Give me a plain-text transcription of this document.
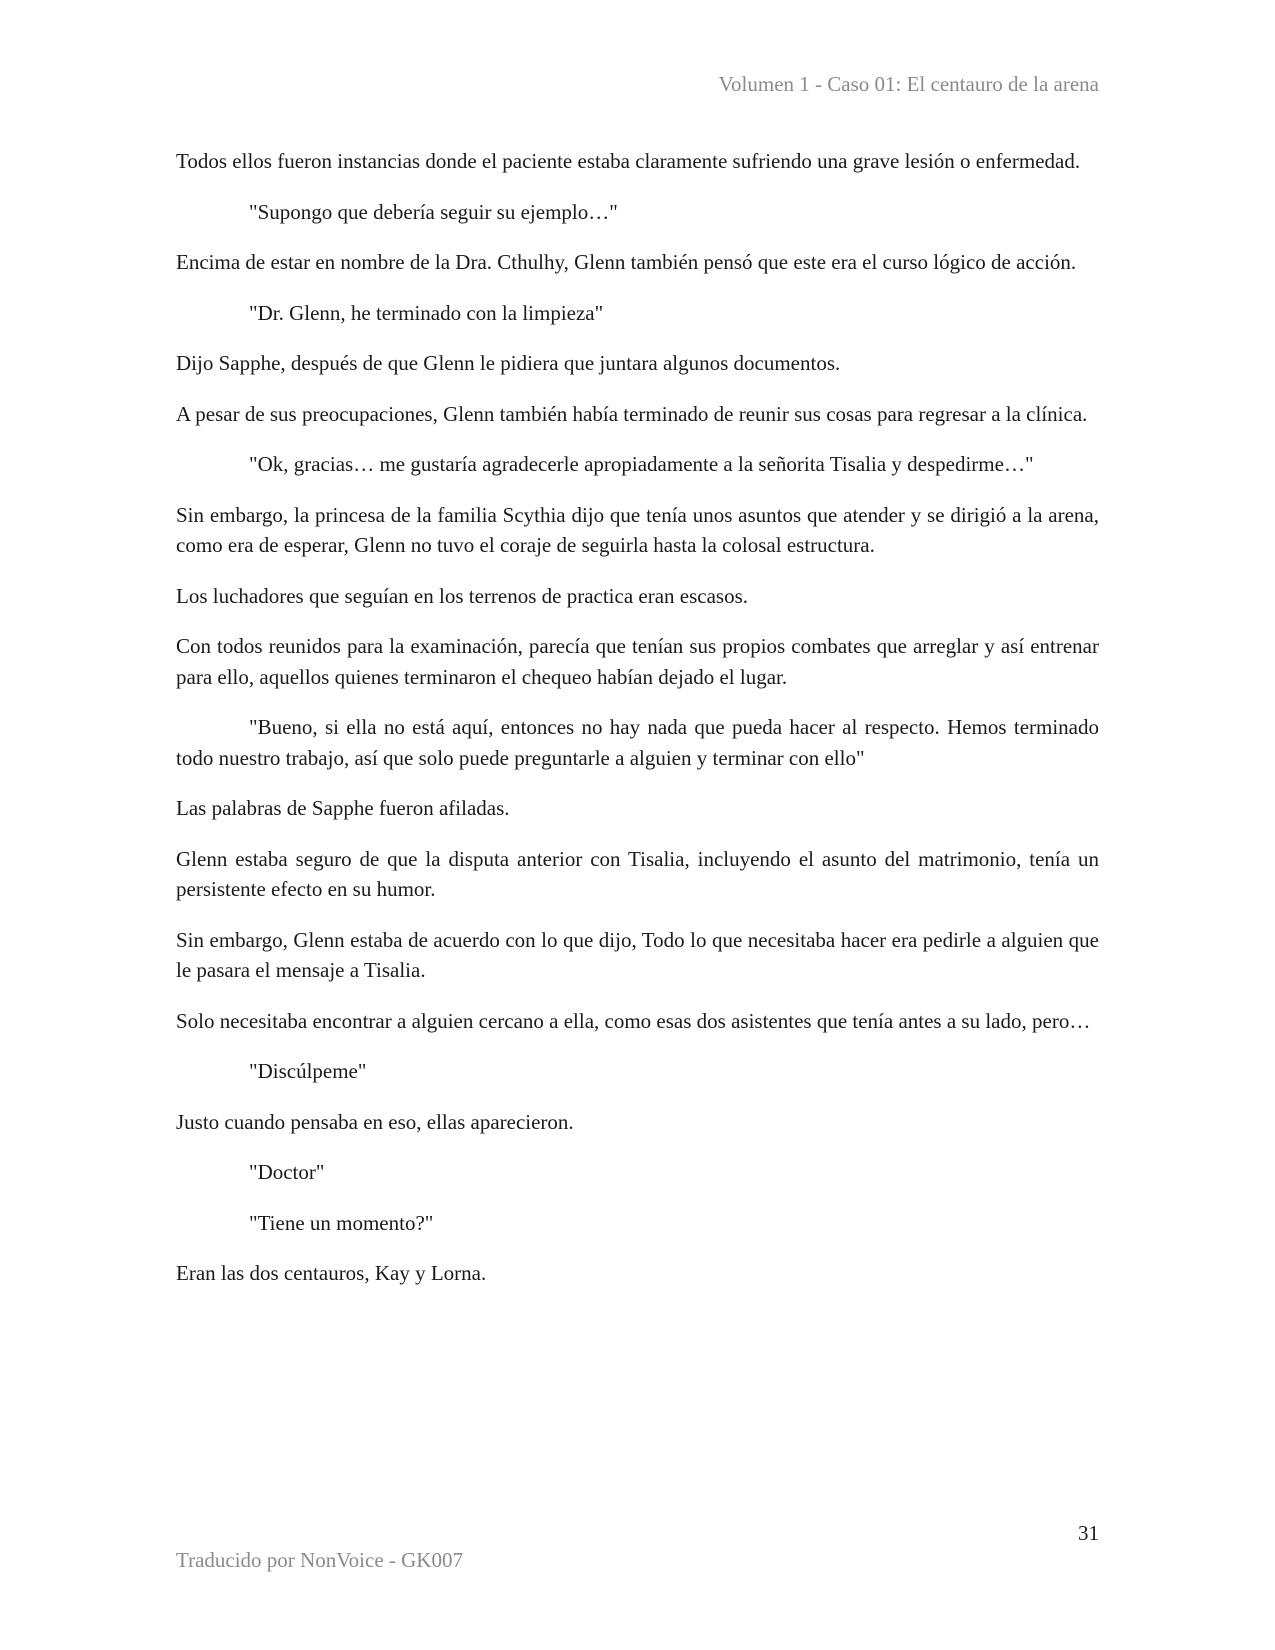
Volumen 1 - Caso 01: El centauro de la arena

Todos ellos fueron instancias donde el paciente estaba claramente sufriendo una grave lesión o enfermedad.

"Supongo que debería seguir su ejemplo…"

Encima de estar en nombre de la Dra. Cthulhy, Glenn también pensó que este era el curso lógico de acción.

"Dr. Glenn, he terminado con la limpieza"

Dijo Sapphe, después de que Glenn le pidiera que juntara algunos documentos.

A pesar de sus preocupaciones, Glenn también había terminado de reunir sus cosas para regresar a la clínica.

"Ok, gracias… me gustaría agradecerle apropiadamente a la señorita Tisalia y despedirme…"

Sin embargo, la princesa de la familia Scythia dijo que tenía unos asuntos que atender y se dirigió a la arena, como era de esperar, Glenn no tuvo el coraje de seguirla hasta la colosal estructura.

Los luchadores que seguían en los terrenos de practica eran escasos.

Con todos reunidos para la examinación, parecía que tenían sus propios combates que arreglar y así entrenar para ello, aquellos quienes terminaron el chequeo habían dejado el lugar.

"Bueno, si ella no está aquí, entonces no hay nada que pueda hacer al respecto. Hemos terminado todo nuestro trabajo, así que solo puede preguntarle a alguien y terminar con ello"

Las palabras de Sapphe fueron afiladas.

Glenn estaba seguro de que la disputa anterior con Tisalia, incluyendo el asunto del matrimonio, tenía un persistente efecto en su humor.

Sin embargo, Glenn estaba de acuerdo con lo que dijo, Todo lo que necesitaba hacer era pedirle a alguien que le pasara el mensaje a Tisalia.

Solo necesitaba encontrar a alguien cercano a ella, como esas dos asistentes que tenía antes a su lado, pero…

"Discúlpeme"

Justo cuando pensaba en eso, ellas aparecieron.

"Doctor"

"Tiene un momento?"

Eran las dos centauros, Kay y Lorna.

31
Traducido por NonVoice - GK007
